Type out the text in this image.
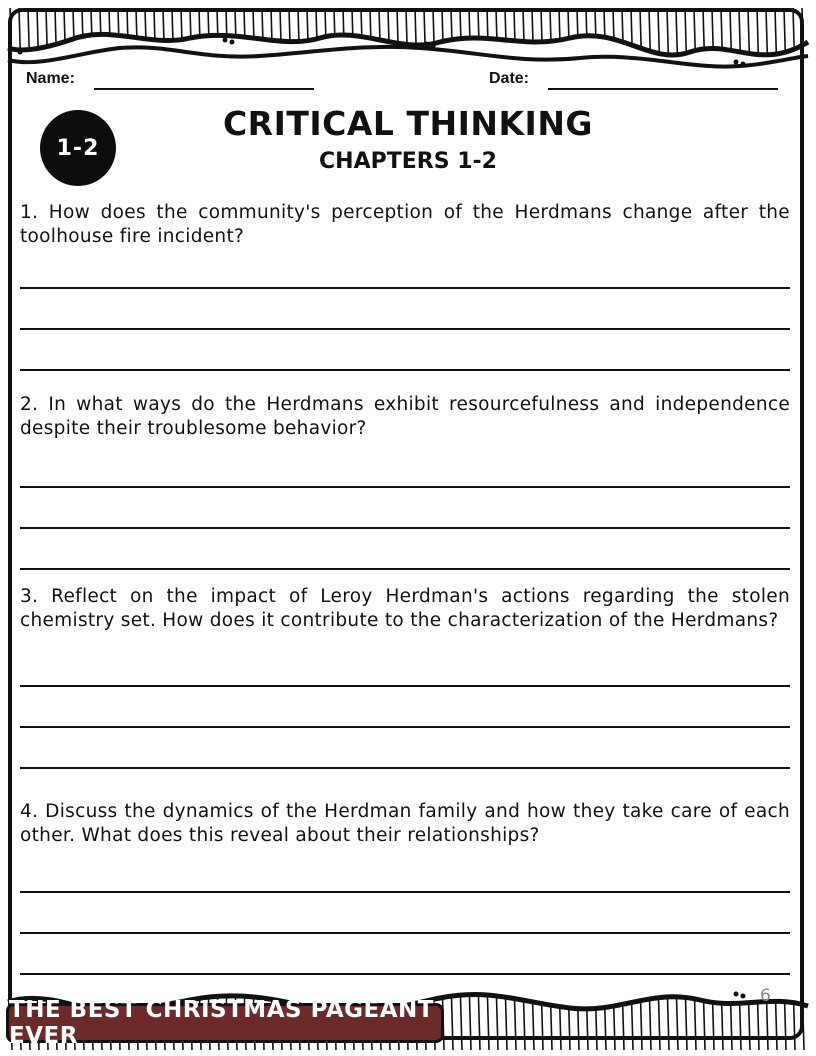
Name:	Date:
1-2
CRITICAL THINKING
CHAPTERS 1-2
1. How does the community's perception of the Herdmans change after the toolhouse fire incident?
2. In what ways do the Herdmans exhibit resourcefulness and independence despite their troublesome behavior?
3. Reflect on the impact of Leroy Herdman's actions regarding the stolen chemistry set. How does it contribute to the characterization of the Herdmans?
4. Discuss the dynamics of the Herdman family and how they take care of each other. What does this reveal about their relationships?
6
THE BEST CHRISTMAS PAGEANT EVER
